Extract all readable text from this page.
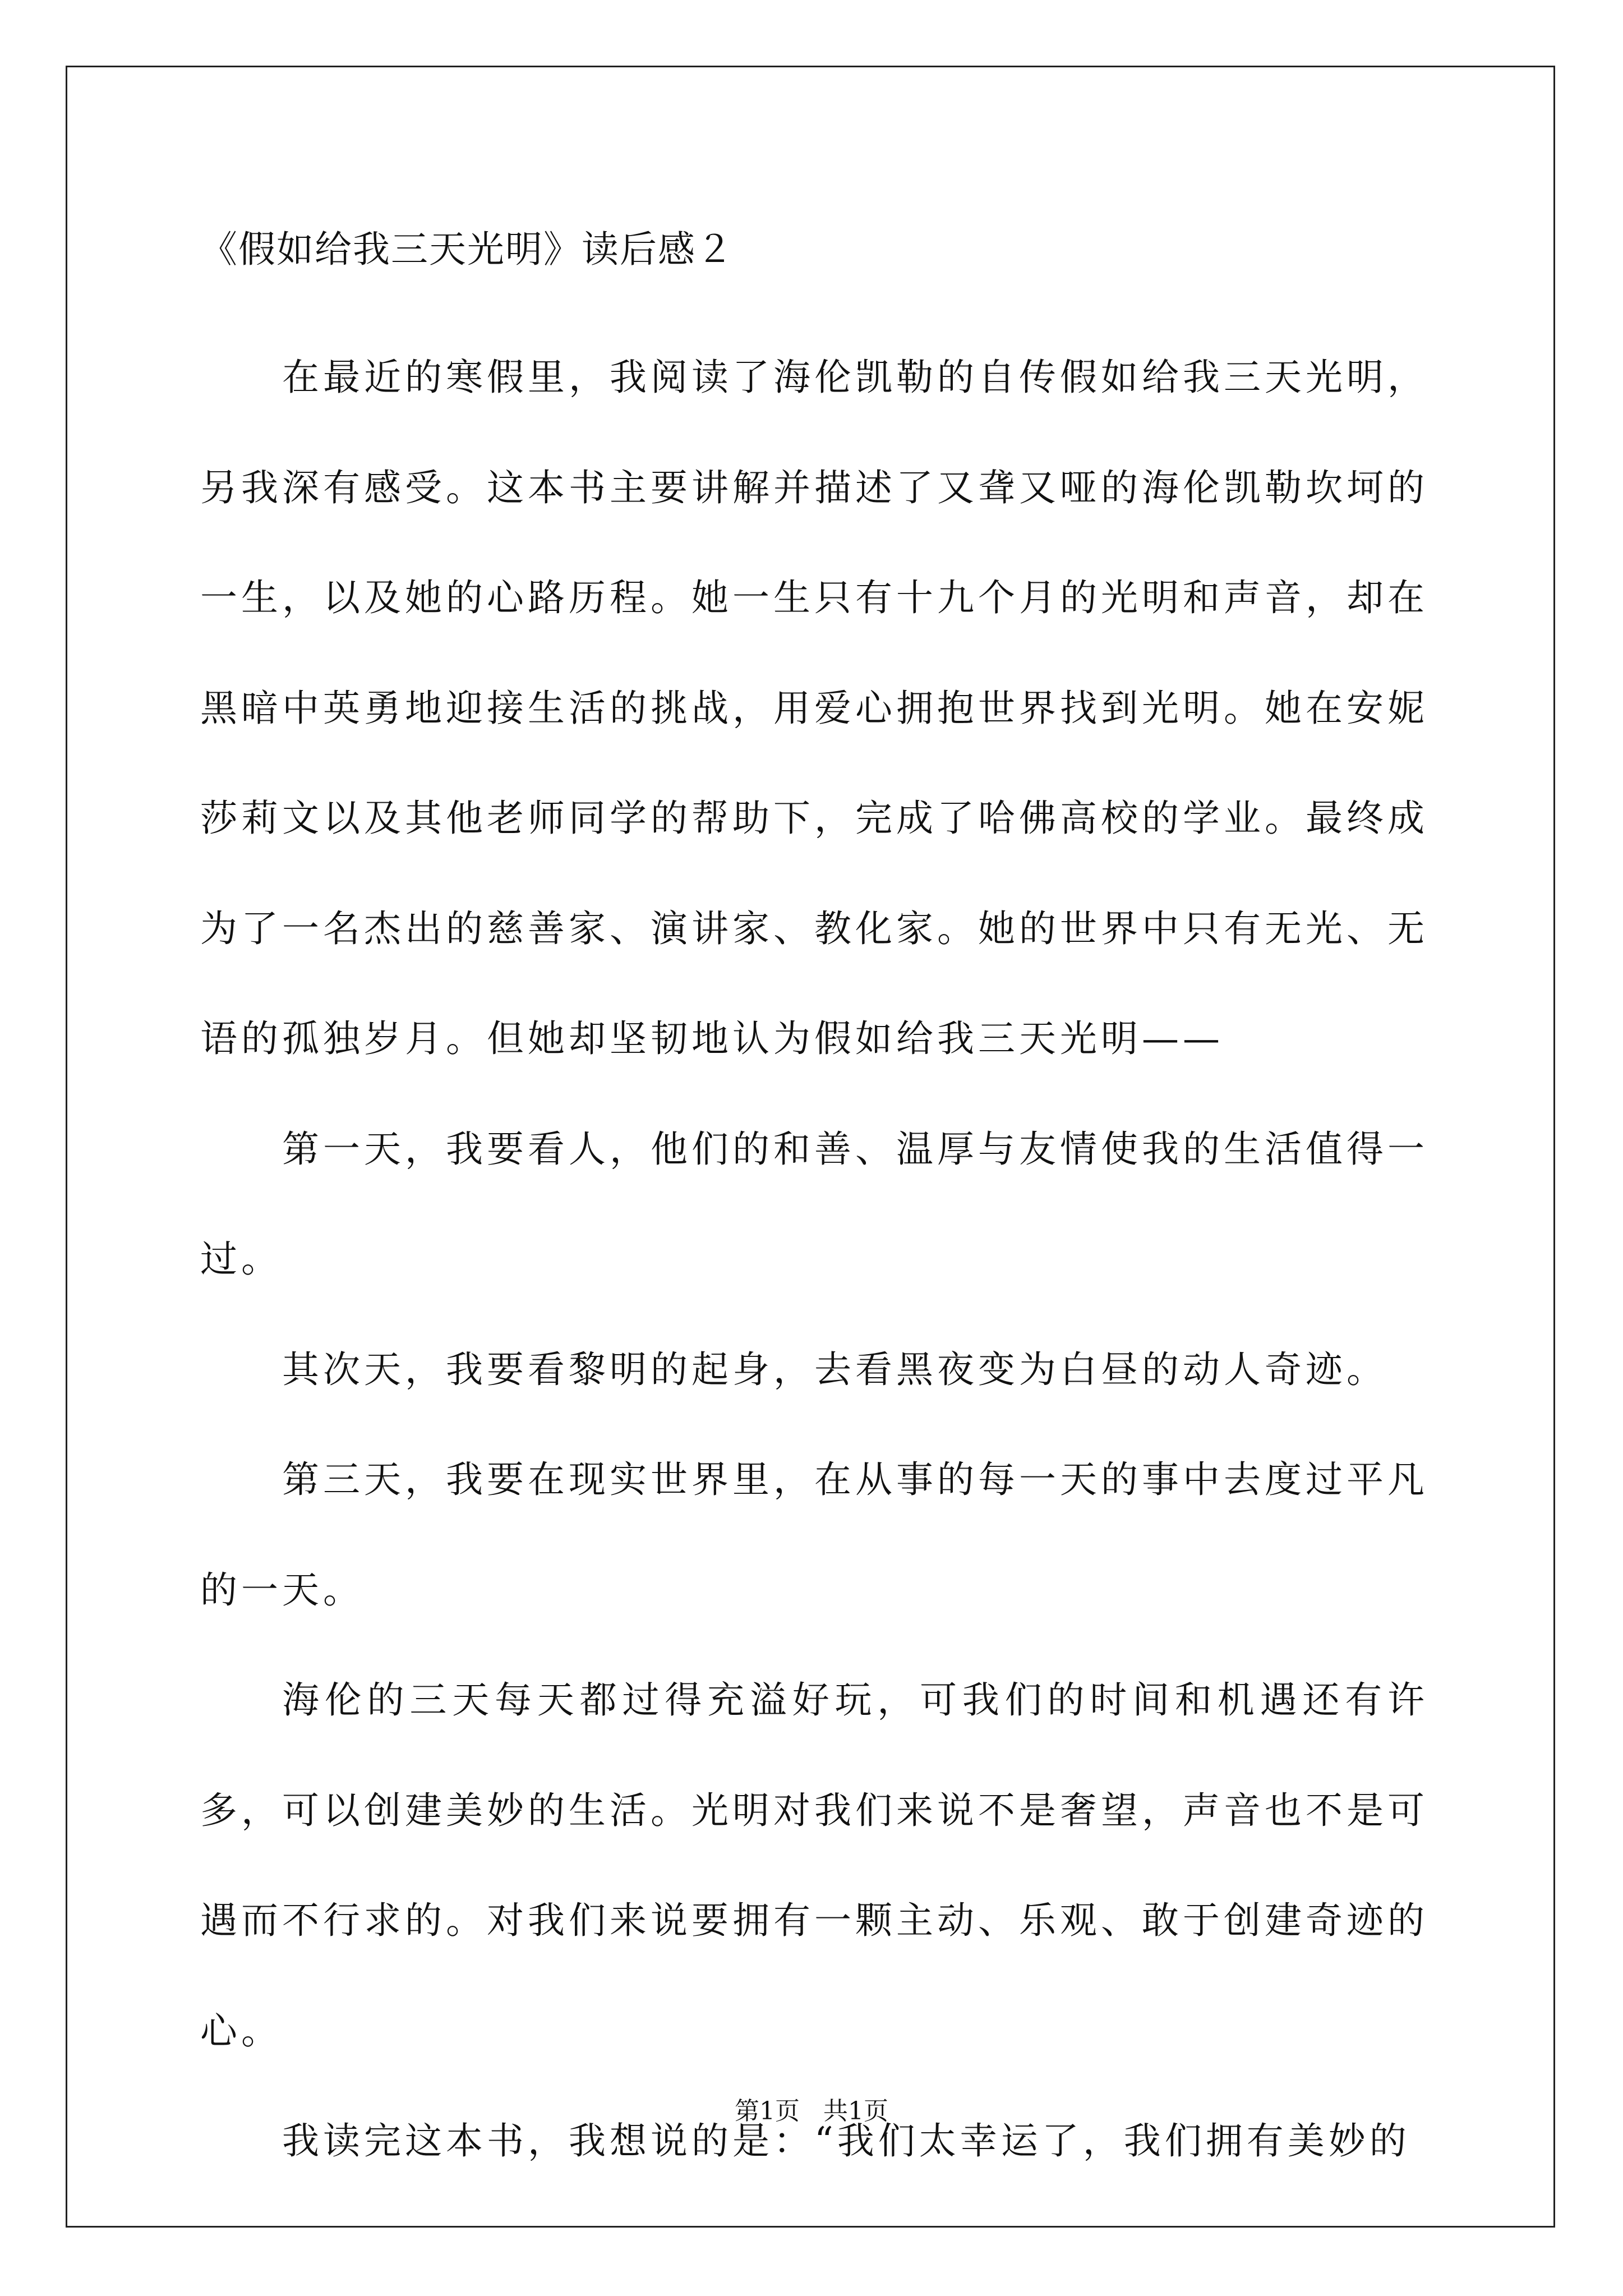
《假如给我三天光明》读后感２

在最近的寒假里，我阅读了海伦凯勒的自传假如给我三天光明，另我深有感受。这本书主要讲解并描述了又聋又哑的海伦凯勒坎坷的一生，以及她的心路历程。她一生只有十九个月的光明和声音，却在黑暗中英勇地迎接生活的挑战，用爱心拥抱世界找到光明。她在安妮莎莉文以及其他老师同学的帮助下，完成了哈佛高校的学业。最终成为了一名杰出的慈善家、演讲家、教化家。她的世界中只有无光、无语的孤独岁月。但她却坚韧地认为假如给我三天光明——

第一天，我要看人，他们的和善、温厚与友情使我的生活值得一过。

其次天，我要看黎明的起身，去看黑夜变为白昼的动人奇迹。

第三天，我要在现实世界里，在从事的每一天的事中去度过平凡的一天。

海伦的三天每天都过得充溢好玩，可我们的时间和机遇还有许多，可以创建美妙的生活。光明对我们来说不是奢望，声音也不是可遇而不行求的。对我们来说要拥有一颗主动、乐观、敢于创建奇迹的心。

我读完这本书，我想说的是：“我们太幸运了，我们拥有美妙的

第1页   共1页
